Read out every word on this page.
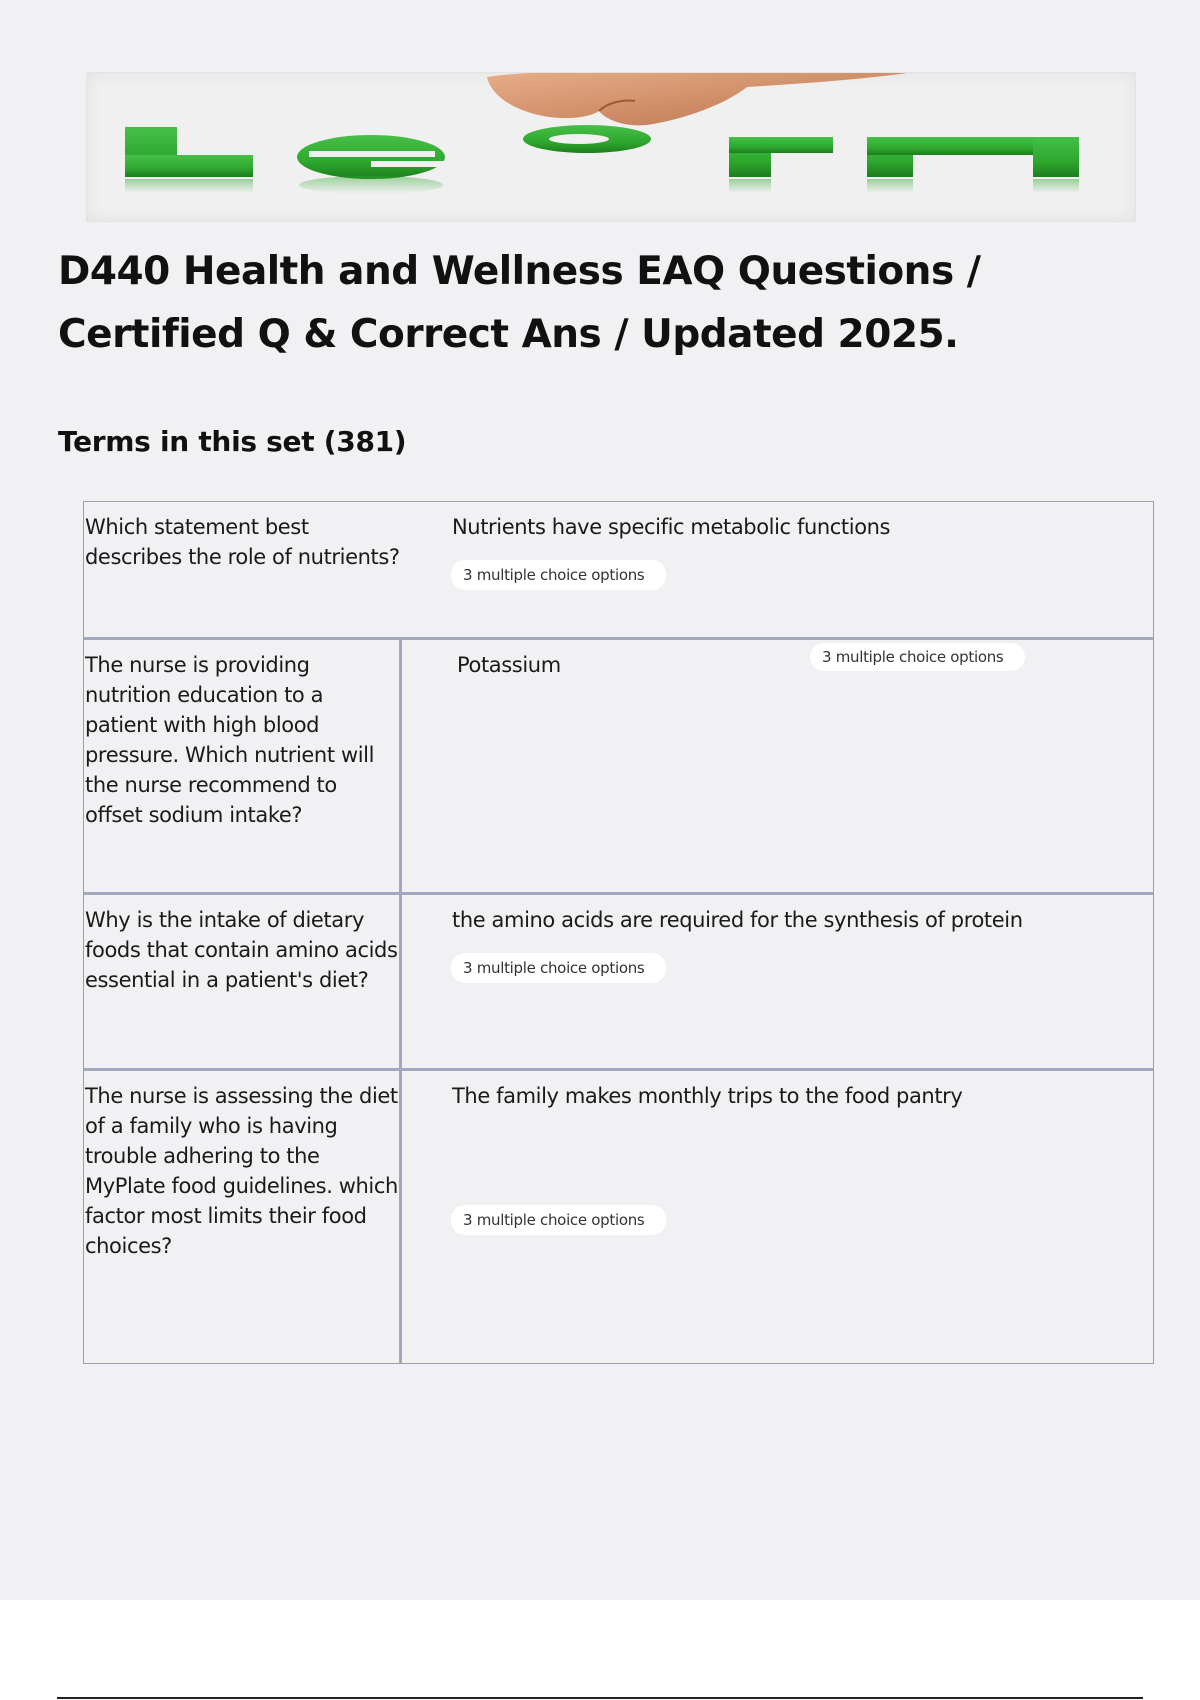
D440 Health and Wellness EAQ Questions / Certified Q & Correct Ans / Updated 2025.
Terms in this set (381)
Which statement best describes the role of nutrients?
Nutrients have specific metabolic functions
3 multiple choice options
The nurse is providing nutrition education to a patient with high blood pressure. Which nutrient will the nurse recommend to offset sodium intake?
Potassium	3 multiple choice options
Why is the intake of dietary foods that contain amino acids essential in a patient's diet?
the amino acids are required for the synthesis of protein
3 multiple choice options
The nurse is assessing the diet of a family who is having trouble adhering to the MyPlate food guidelines. which factor most limits their food choices?
The family makes monthly trips to the food pantry
3 multiple choice options
